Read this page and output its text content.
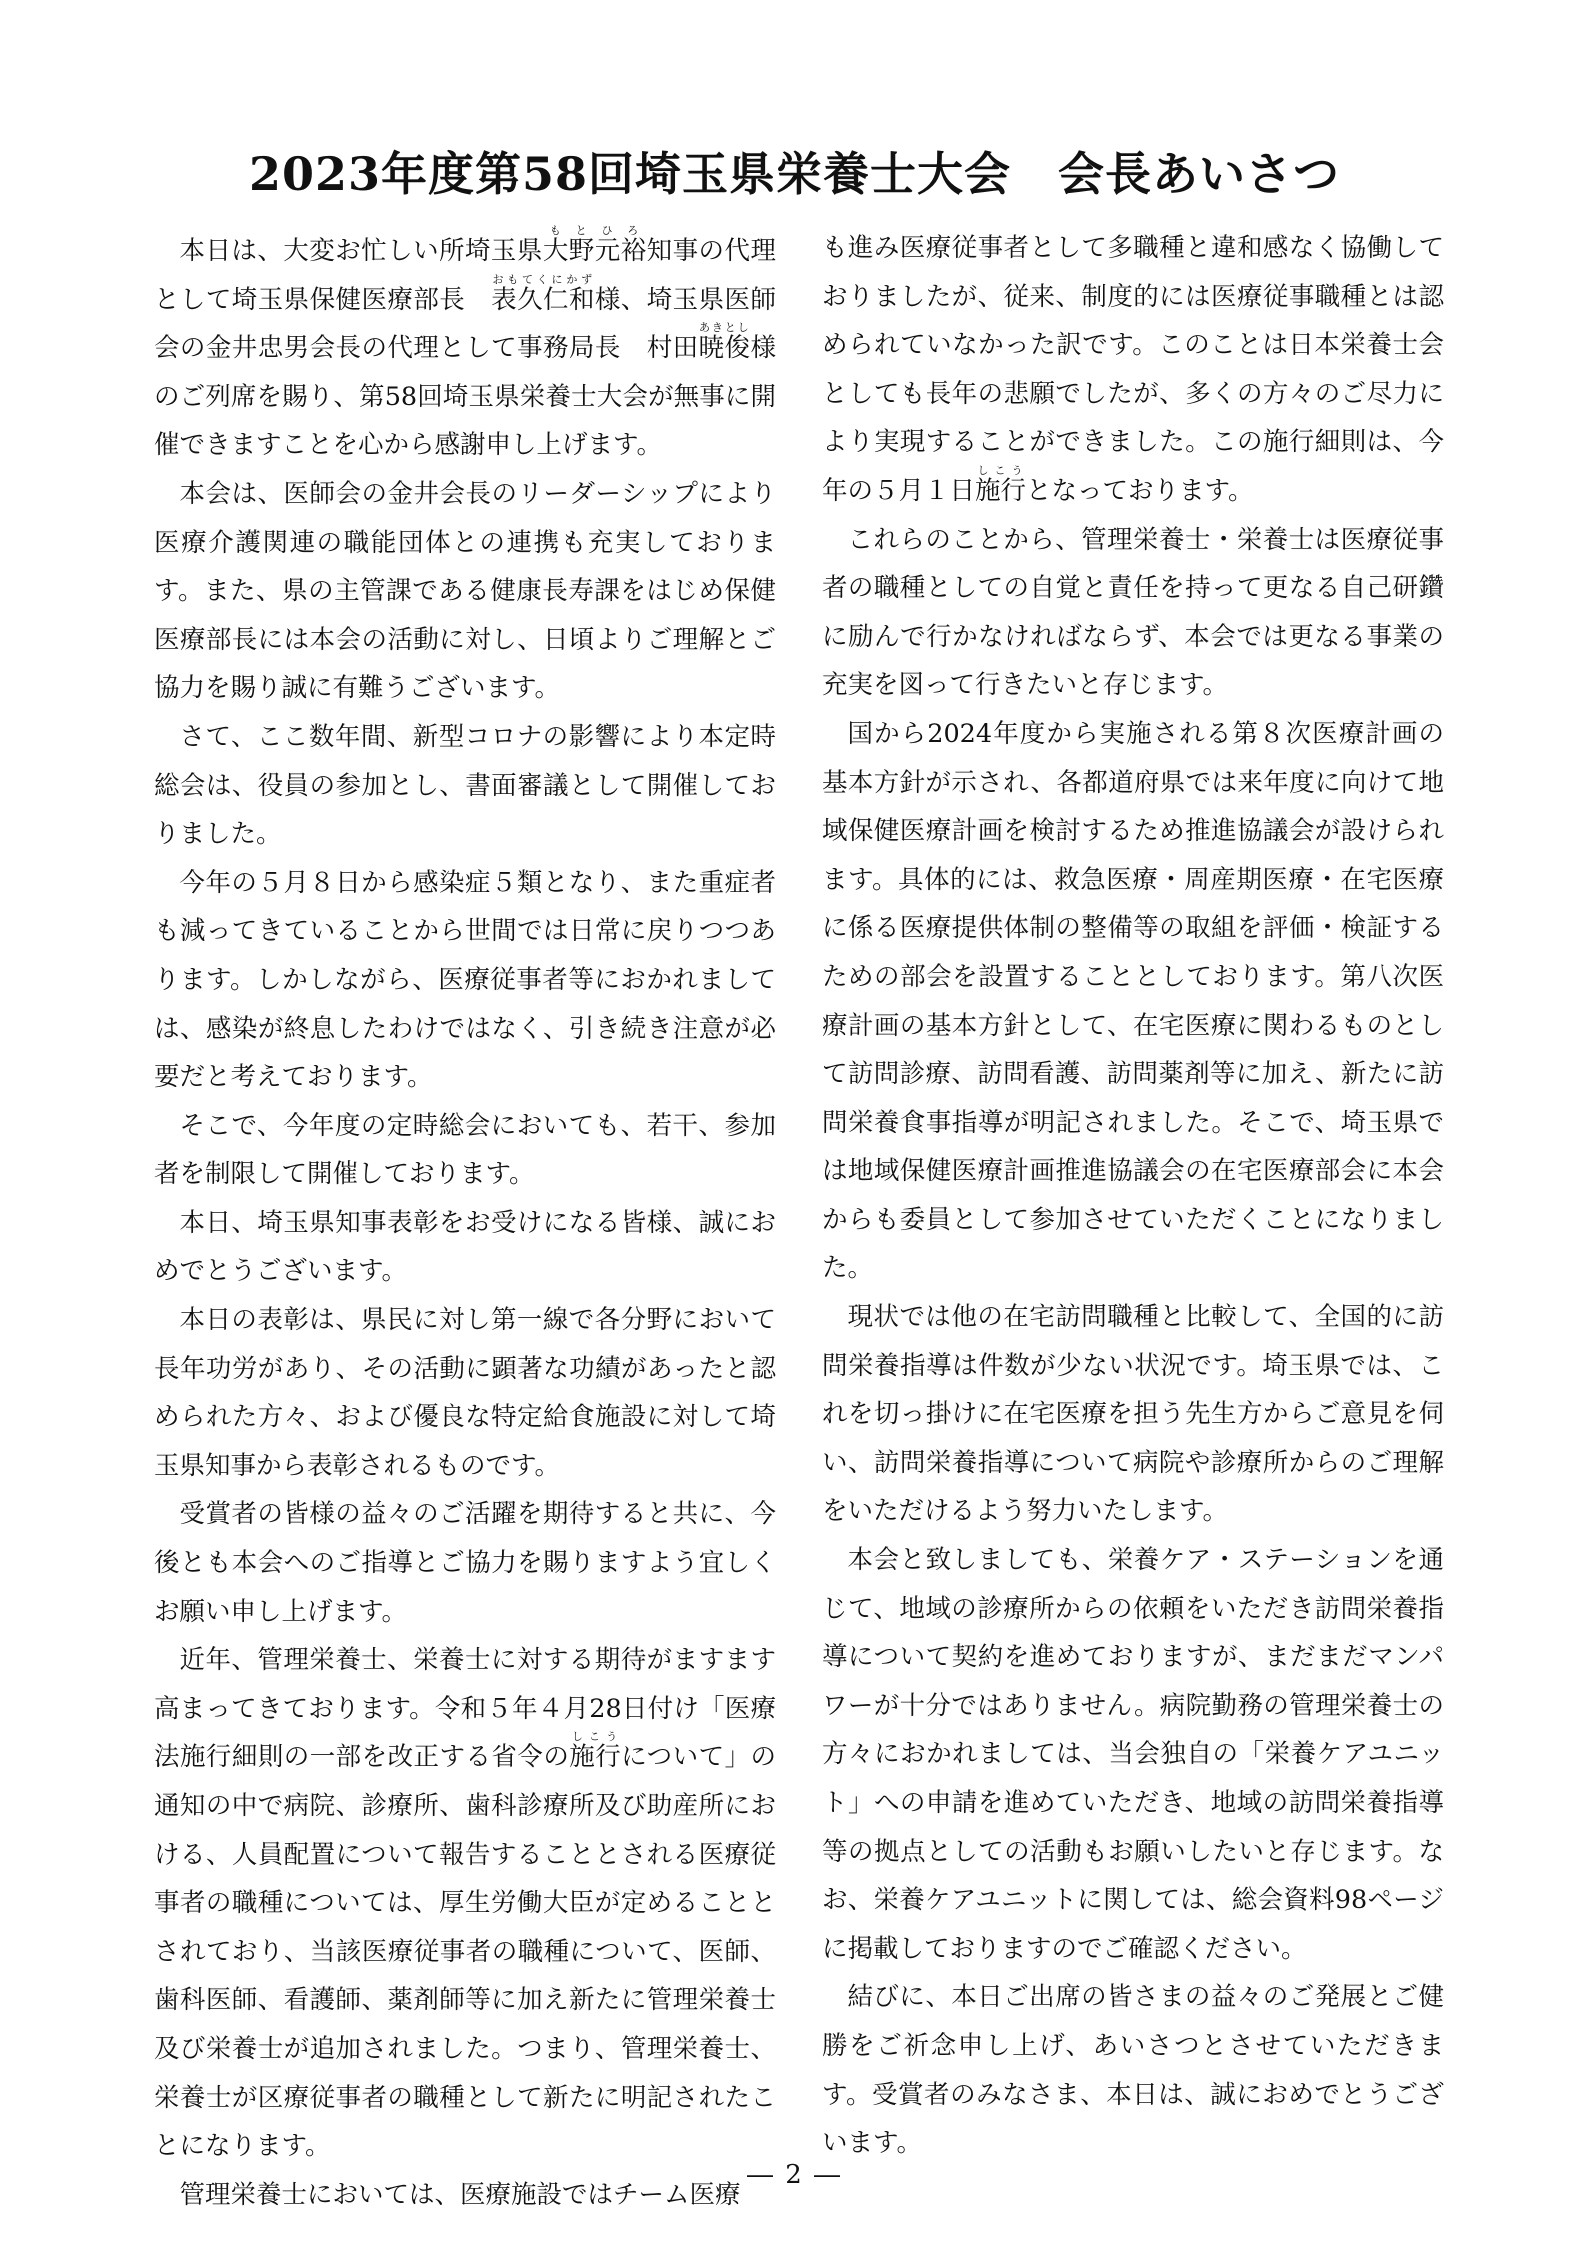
2023年度第58回埼玉県栄養士大会　会長あいさつ

本日は、大変お忙しい所埼玉県大野元裕もとひろ知事の代理として埼玉県保健医療部長　表久仁和おもてくにかず様、埼玉県医師会の金井忠男会長の代理として事務局長　村田暁俊あきとし様のご列席を賜り、第58回埼玉県栄養士大会が無事に開催できますことを心から感謝申し上げます。

本会は、医師会の金井会長のリーダーシップにより医療介護関連の職能団体との連携も充実しております。また、県の主管課である健康長寿課をはじめ保健医療部長には本会の活動に対し、日頃よりご理解とご協力を賜り誠に有難うございます。

さて、ここ数年間、新型コロナの影響により本定時総会は、役員の参加とし、書面審議として開催しておりました。

今年の５月８日から感染症５類となり、また重症者も減ってきていることから世間では日常に戻りつつあります。しかしながら、医療従事者等におかれましては、感染が終息したわけではなく、引き続き注意が必要だと考えております。

そこで、今年度の定時総会においても、若干、参加者を制限して開催しております。

本日、埼玉県知事表彰をお受けになる皆様、誠におめでとうございます。

本日の表彰は、県民に対し第一線で各分野において長年功労があり、その活動に顕著な功績があったと認められた方々、および優良な特定給食施設に対して埼玉県知事から表彰されるものです。

受賞者の皆様の益々のご活躍を期待すると共に、今後とも本会へのご指導とご協力を賜りますよう宜しくお願い申し上げます。

近年、管理栄養士、栄養士に対する期待がますます高まってきております。令和５年４月28日付け「医療法施行細則の一部を改正する省令の施行しこうについて」の通知の中で病院、診療所、歯科診療所及び助産所における、人員配置について報告することとされる医療従事者の職種については、厚生労働大臣が定めることとされており、当該医療従事者の職種について、医師、歯科医師、看護師、薬剤師等に加え新たに管理栄養士及び栄養士が追加されました。つまり、管理栄養士、栄養士が区療従事者の職種として新たに明記されたことになります。

管理栄養士においては、医療施設ではチーム医療

も進み医療従事者として多職種と違和感なく協働しておりましたが、従来、制度的には医療従事職種とは認められていなかった訳です。このことは日本栄養士会としても長年の悲願でしたが、多くの方々のご尽力により実現することができました。この施行細則は、今年の５月１日施行しこうとなっております。

これらのことから、管理栄養士・栄養士は医療従事者の職種としての自覚と責任を持って更なる自己研鑽に励んで行かなければならず、本会では更なる事業の充実を図って行きたいと存じます。

国から2024年度から実施される第８次医療計画の基本方針が示され、各都道府県では来年度に向けて地域保健医療計画を検討するため推進協議会が設けられます。具体的には、救急医療・周産期医療・在宅医療に係る医療提供体制の整備等の取組を評価・検証するための部会を設置することとしております。第八次医療計画の基本方針として、在宅医療に関わるものとして訪問診療、訪問看護、訪問薬剤等に加え、新たに訪問栄養食事指導が明記されました。そこで、埼玉県では地域保健医療計画推進協議会の在宅医療部会に本会からも委員として参加させていただくことになりました。

現状では他の在宅訪問職種と比較して、全国的に訪問栄養指導は件数が少ない状況です。埼玉県では、これを切っ掛けに在宅医療を担う先生方からご意見を伺い、訪問栄養指導について病院や診療所からのご理解をいただけるよう努力いたします。

本会と致しましても、栄養ケア・ステーションを通じて、地域の診療所からの依頼をいただき訪問栄養指導について契約を進めておりますが、まだまだマンパワーが十分ではありません。病院勤務の管理栄養士の方々におかれましては、当会独自の「栄養ケアユニット」への申請を進めていただき、地域の訪問栄養指導等の拠点としての活動もお願いしたいと存じます。なお、栄養ケアユニットに関しては、総会資料98ページに掲載しておりますのでご確認ください。

結びに、本日ご出席の皆さまの益々のご発展とご健勝をご祈念申し上げ、あいさつとさせていただきます。受賞者のみなさま、本日は、誠におめでとうございます。

― 2 ―
